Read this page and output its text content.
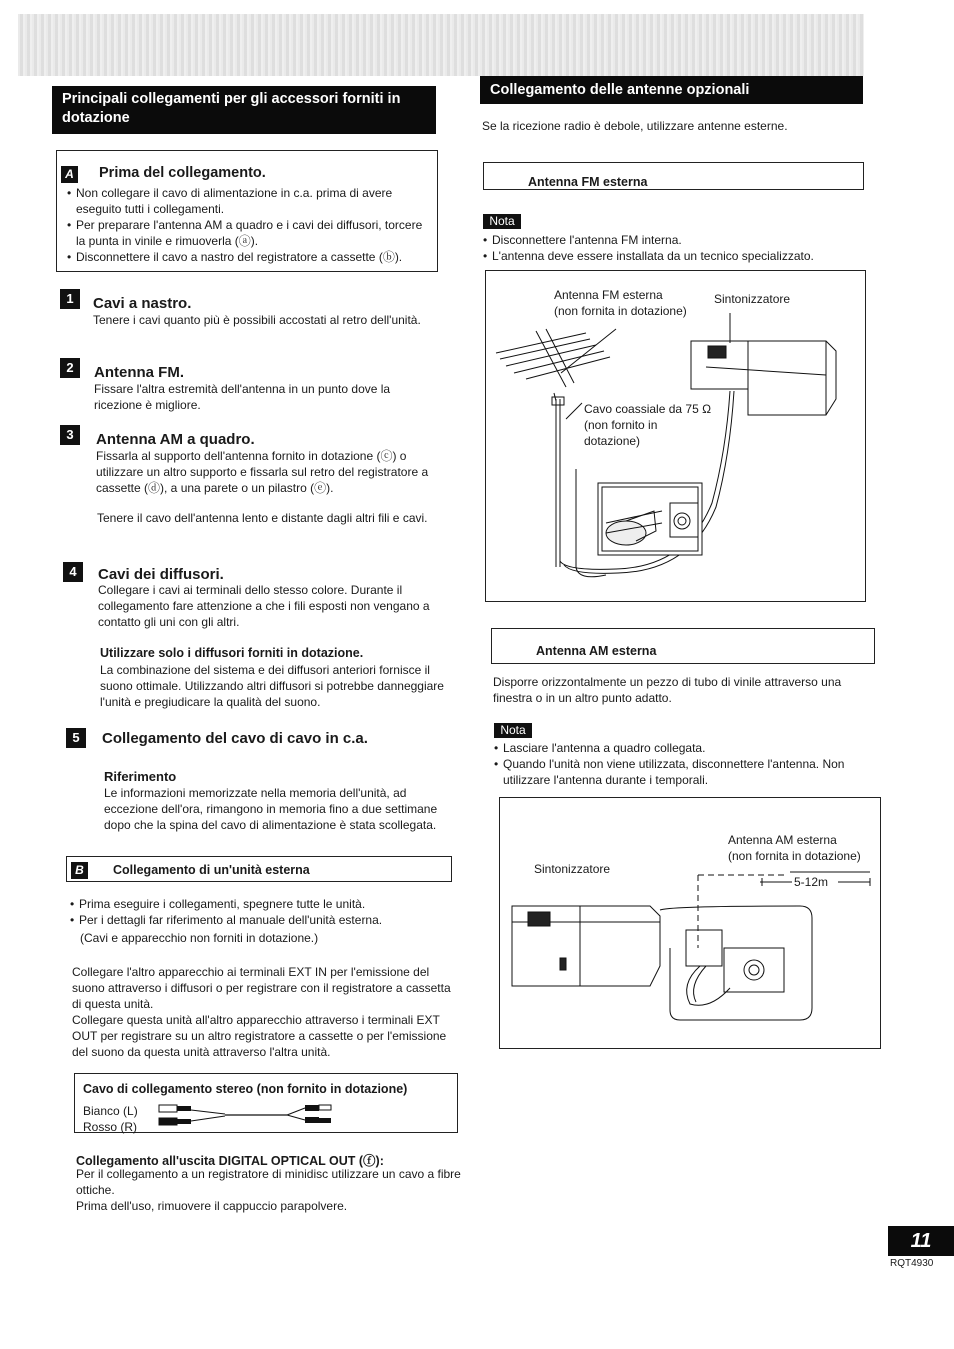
Principali collegamenti per gli accessori forniti in dotazione
A Prima del collegamento.
• Non collegare il cavo di alimentazione in c.a. prima di avere eseguito tutti i collegamenti.
• Per preparare l'antenna AM a quadro e i cavi dei diffusori, torcere la punta in vinile e rimuoverla (ⓐ).
• Disconnettere il cavo a nastro del registratore a cassette (ⓑ).
1	Cavi a nastro.
Tenere i cavi quanto più è possibili accostati al retro dell'unità.
2	Antenna FM.
Fissare l'altra estremità dell'antenna in un punto dove la ricezione è migliore.
3	Antenna AM a quadro.
Fissarla al supporto dell'antenna fornito in dotazione (ⓒ) o utilizzare un altro supporto e fissarla sul retro del registratore a cassette (ⓓ), a una parete o un pilastro (ⓔ).
Tenere il cavo dell'antenna lento e distante dagli altri fili e cavi.
4	Cavi dei diffusori.
Collegare i cavi ai terminali dello stesso colore. Durante il collegamento fare attenzione a che i fili esposti non vengano a contatto gli uni con gli altri.
Utilizzare solo i diffusori forniti in dotazione.
La combinazione del sistema e dei diffusori anteriori fornisce il suono ottimale. Utilizzando altri diffusori si potrebbe danneggiare l'unità e pregiudicare la qualità del suono.
5	Collegamento del cavo di cavo in c.a.
Riferimento
Le informazioni memorizzate nella memoria dell'unità, ad eccezione dell'ora, rimangono in memoria fino a due settimane dopo che la spina del cavo di alimentazione è stata scollegata.
B	Collegamento di un'unità esterna
• Prima eseguire i collegamenti, spegnere tutte le unità.
• Per i dettagli far riferimento al manuale dell'unità esterna.
(Cavi e apparecchio non forniti in dotazione.)
Collegare l'altro apparecchio ai terminali EXT IN per l'emissione del suono attraverso i diffusori o per registrare con il registratore a cassetta di questa unità.
Collegare questa unità all'altro apparecchio attraverso i terminali EXT OUT per registrare su un altro registratore a cassette o per l'emissione del suono da questa unità attraverso l'altra unità.
Cavo di collegamento stereo (non fornito in dotazione)
Bianco (L)
Rosso (R)
Collegamento all'uscita DIGITAL OPTICAL OUT (ⓕ):
Per il collegamento a un registratore di minidisc utilizzare un cavo a fibre ottiche.
Prima dell'uso, rimuovere il cappuccio parapolvere.
Collegamento delle antenne opzionali
Se la ricezione radio è debole, utilizzare antenne esterne.
Antenna FM esterna
Nota
• Disconnettere l'antenna FM interna.
• L'antenna deve essere installata da un tecnico specializzato.
Antenna FM esterna
(non fornita in dotazione)
Sintonizzatore
Cavo coassiale da 75 Ω
(non fornito in
dotazione)
Antenna AM esterna
Disporre orizzontalmente un pezzo di tubo di vinile attraverso una finestra o in un altro punto adatto.
Nota
• Lasciare l'antenna a quadro collegata.
• Quando l'unità non viene utilizzata, disconnettere l'antenna. Non utilizzare l'antenna durante i temporali.
Antenna AM esterna
(non fornita in dotazione)
Sintonizzatore
5-12m
11
RQT4930
